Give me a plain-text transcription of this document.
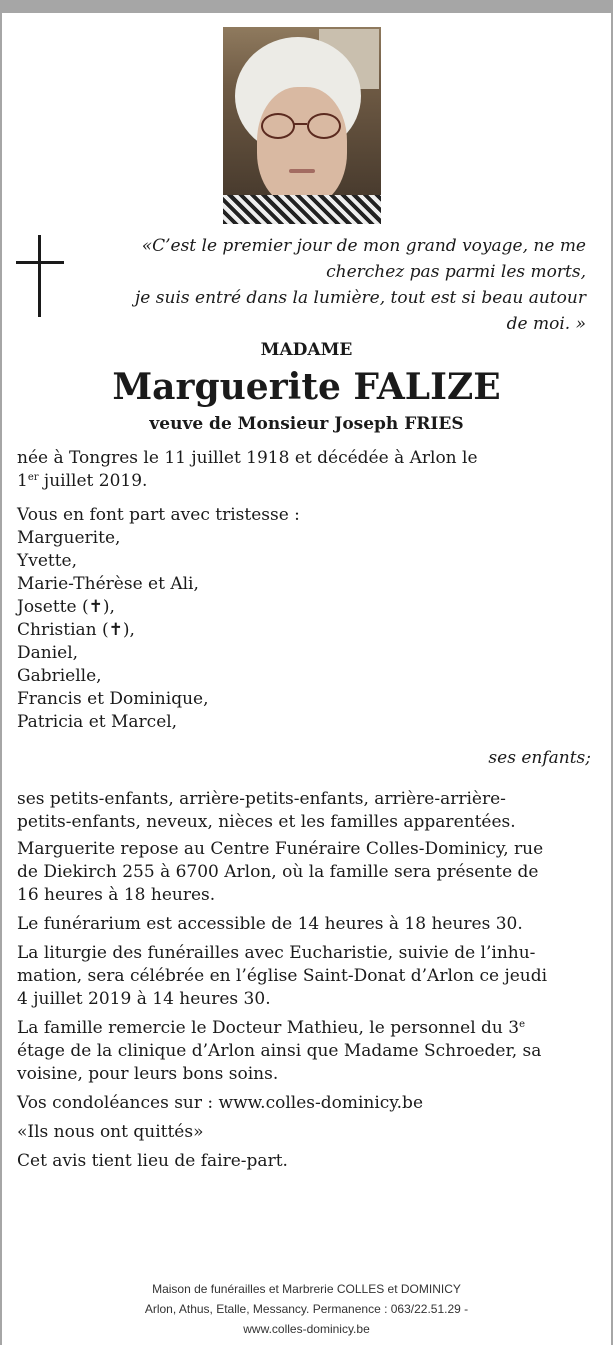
«C’est le premier jour de mon grand voyage, ne me

cherchez pas parmi les morts,

je suis entré dans la lumière, tout est si beau autour

de moi. »

MADAME
Marguerite FALIZE
veuve de Monsieur Joseph FRIES

née à Tongres le 11 juillet 1918 et décédée à Arlon le

1er juillet 2019.

Vous en font part avec tristesse :

Marguerite,

Yvette,

Marie-Thérèse et Ali,

Josette (✝),

Christian (✝),

Daniel,

Gabrielle,

Francis et Dominique,

Patricia et Marcel,

ses enfants;

ses petits-enfants, arrière-petits-enfants, arrière-arrière-

petits-enfants, neveux, nièces et les familles apparentées.

Marguerite repose au Centre Funéraire Colles-Dominicy, rue

de Diekirch 255 à 6700 Arlon, où la famille sera présente de

16 heures à 18 heures.

Le funérarium est accessible de 14 heures à 18 heures 30.

La liturgie des funérailles avec Eucharistie, suivie de l’inhu-

mation, sera célébrée en l’église Saint-Donat d’Arlon ce jeudi

4 juillet 2019 à 14 heures 30.

La famille remercie le Docteur Mathieu, le personnel du 3e

étage de la clinique d’Arlon ainsi que Madame Schroeder, sa

voisine, pour leurs bons soins.

Vos condoléances sur : www.colles-dominicy.be

«Ils nous ont quittés»

Cet avis tient lieu de faire-part.

Maison de funérailles et Marbrerie COLLES et DOMINICY

Arlon, Athus, Etalle, Messancy. Permanence : 063/22.51.29 -

www.colles-dominicy.be
